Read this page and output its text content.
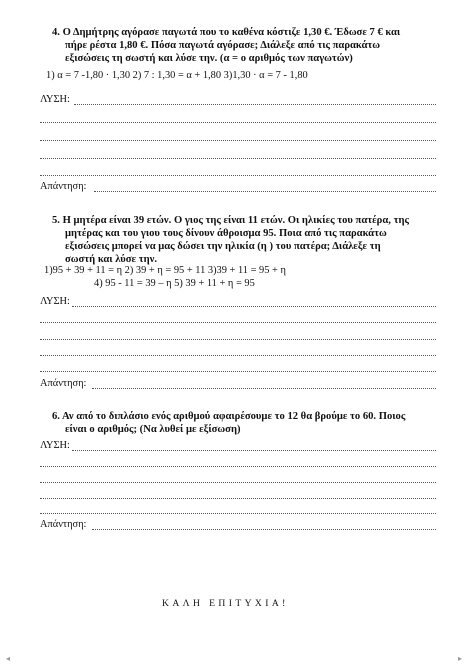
4. Ο Δημήτρης αγόρασε παγωτά που το καθένα κόστιζε 1,30 €. Έδωσε 7 € και
πήρε ρέστα 1,80 €. Πόσα παγωτά αγόρασε; Διάλεξε από τις παρακάτω
εξισώσεις τη σωστή και λύσε την. (α = ο αριθμός των παγωτών)
1) α = 7 -1,80 · 1,30 2) 7 : 1,30 = α + 1,80 3)1,30 · α = 7 - 1,80
ΛΥΣΗ:
Απάντηση:
5. Η μητέρα είναι 39 ετών. Ο γιος της είναι 11 ετών. Οι ηλικίες του πατέρα, της
μητέρας και του γιου τους δίνουν άθροισμα 95. Ποια από τις παρακάτω
εξισώσεις μπορεί να μας δώσει την ηλικία (η ) του πατέρα; Διάλεξε τη
σωστή και λύσε την.
1)95 + 39 + 11 = η 2) 39 + η = 95 + 11 3)39 + 11 = 95 + η
4) 95 - 11 = 39 – η 5) 39 + 11 + η = 95
ΛΥΣΗ:
Απάντηση:
6. Αν από το διπλάσιο ενός αριθμού αφαιρέσουμε το 12 θα βρούμε το 60. Ποιος
είναι ο αριθμός; (Να λυθεί με εξίσωση)
ΛΥΣΗ:
Απάντηση:
ΚΑΛΗ ΕΠΙΤΥΧΙΑ!
◂	▸
